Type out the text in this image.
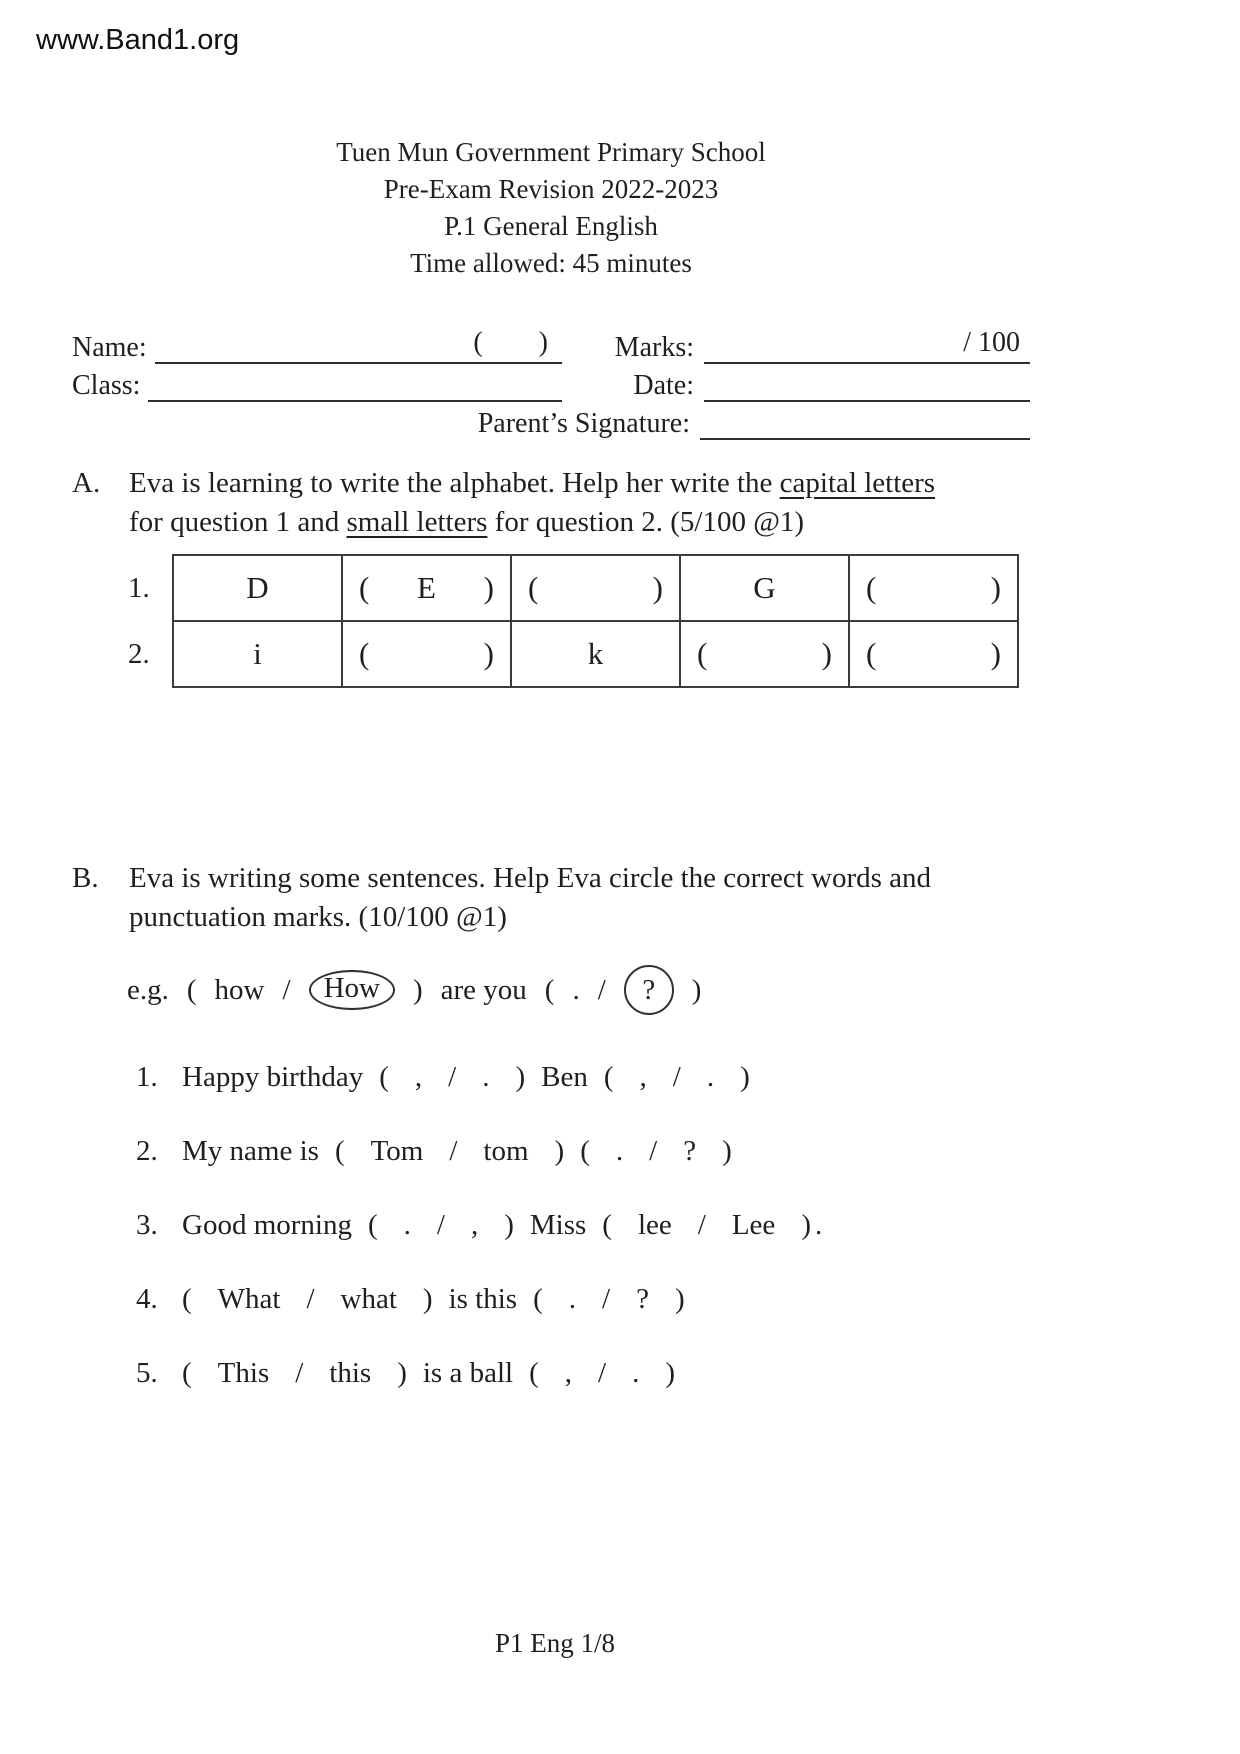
www.Band1.org
Tuen Mun Government Primary School
Pre-Exam Revision 2022-2023
P.1 General English
Time allowed: 45 minutes
Name:	( ) Marks:	/ 100
Class:	Date:
Parent’s Signature:
A. Eva is learning to write the alphabet. Help her write the capital letters
for question 1 and small letters for question 2. (5/100 @1)
1.	D	( E )	( )	G	( )

2.	i	( )	k	( )	( )
B.	Eva is writing some sentences. Help Eva circle the correct words and
punctuation marks. (10/100 @1)
e.g. ( how /	How	) are you ( . /	?	)
1. Happy birthday ( , / . ) Ben ( , / . )
2. My name is ( Tom / tom ) ( . / ? )
3. Good morning ( . / , ) Miss ( lee / Lee ) .
4. ( What / what ) is this ( . / ? )
5. ( This / this ) is a ball ( , / . )
P1 Eng 1/8
